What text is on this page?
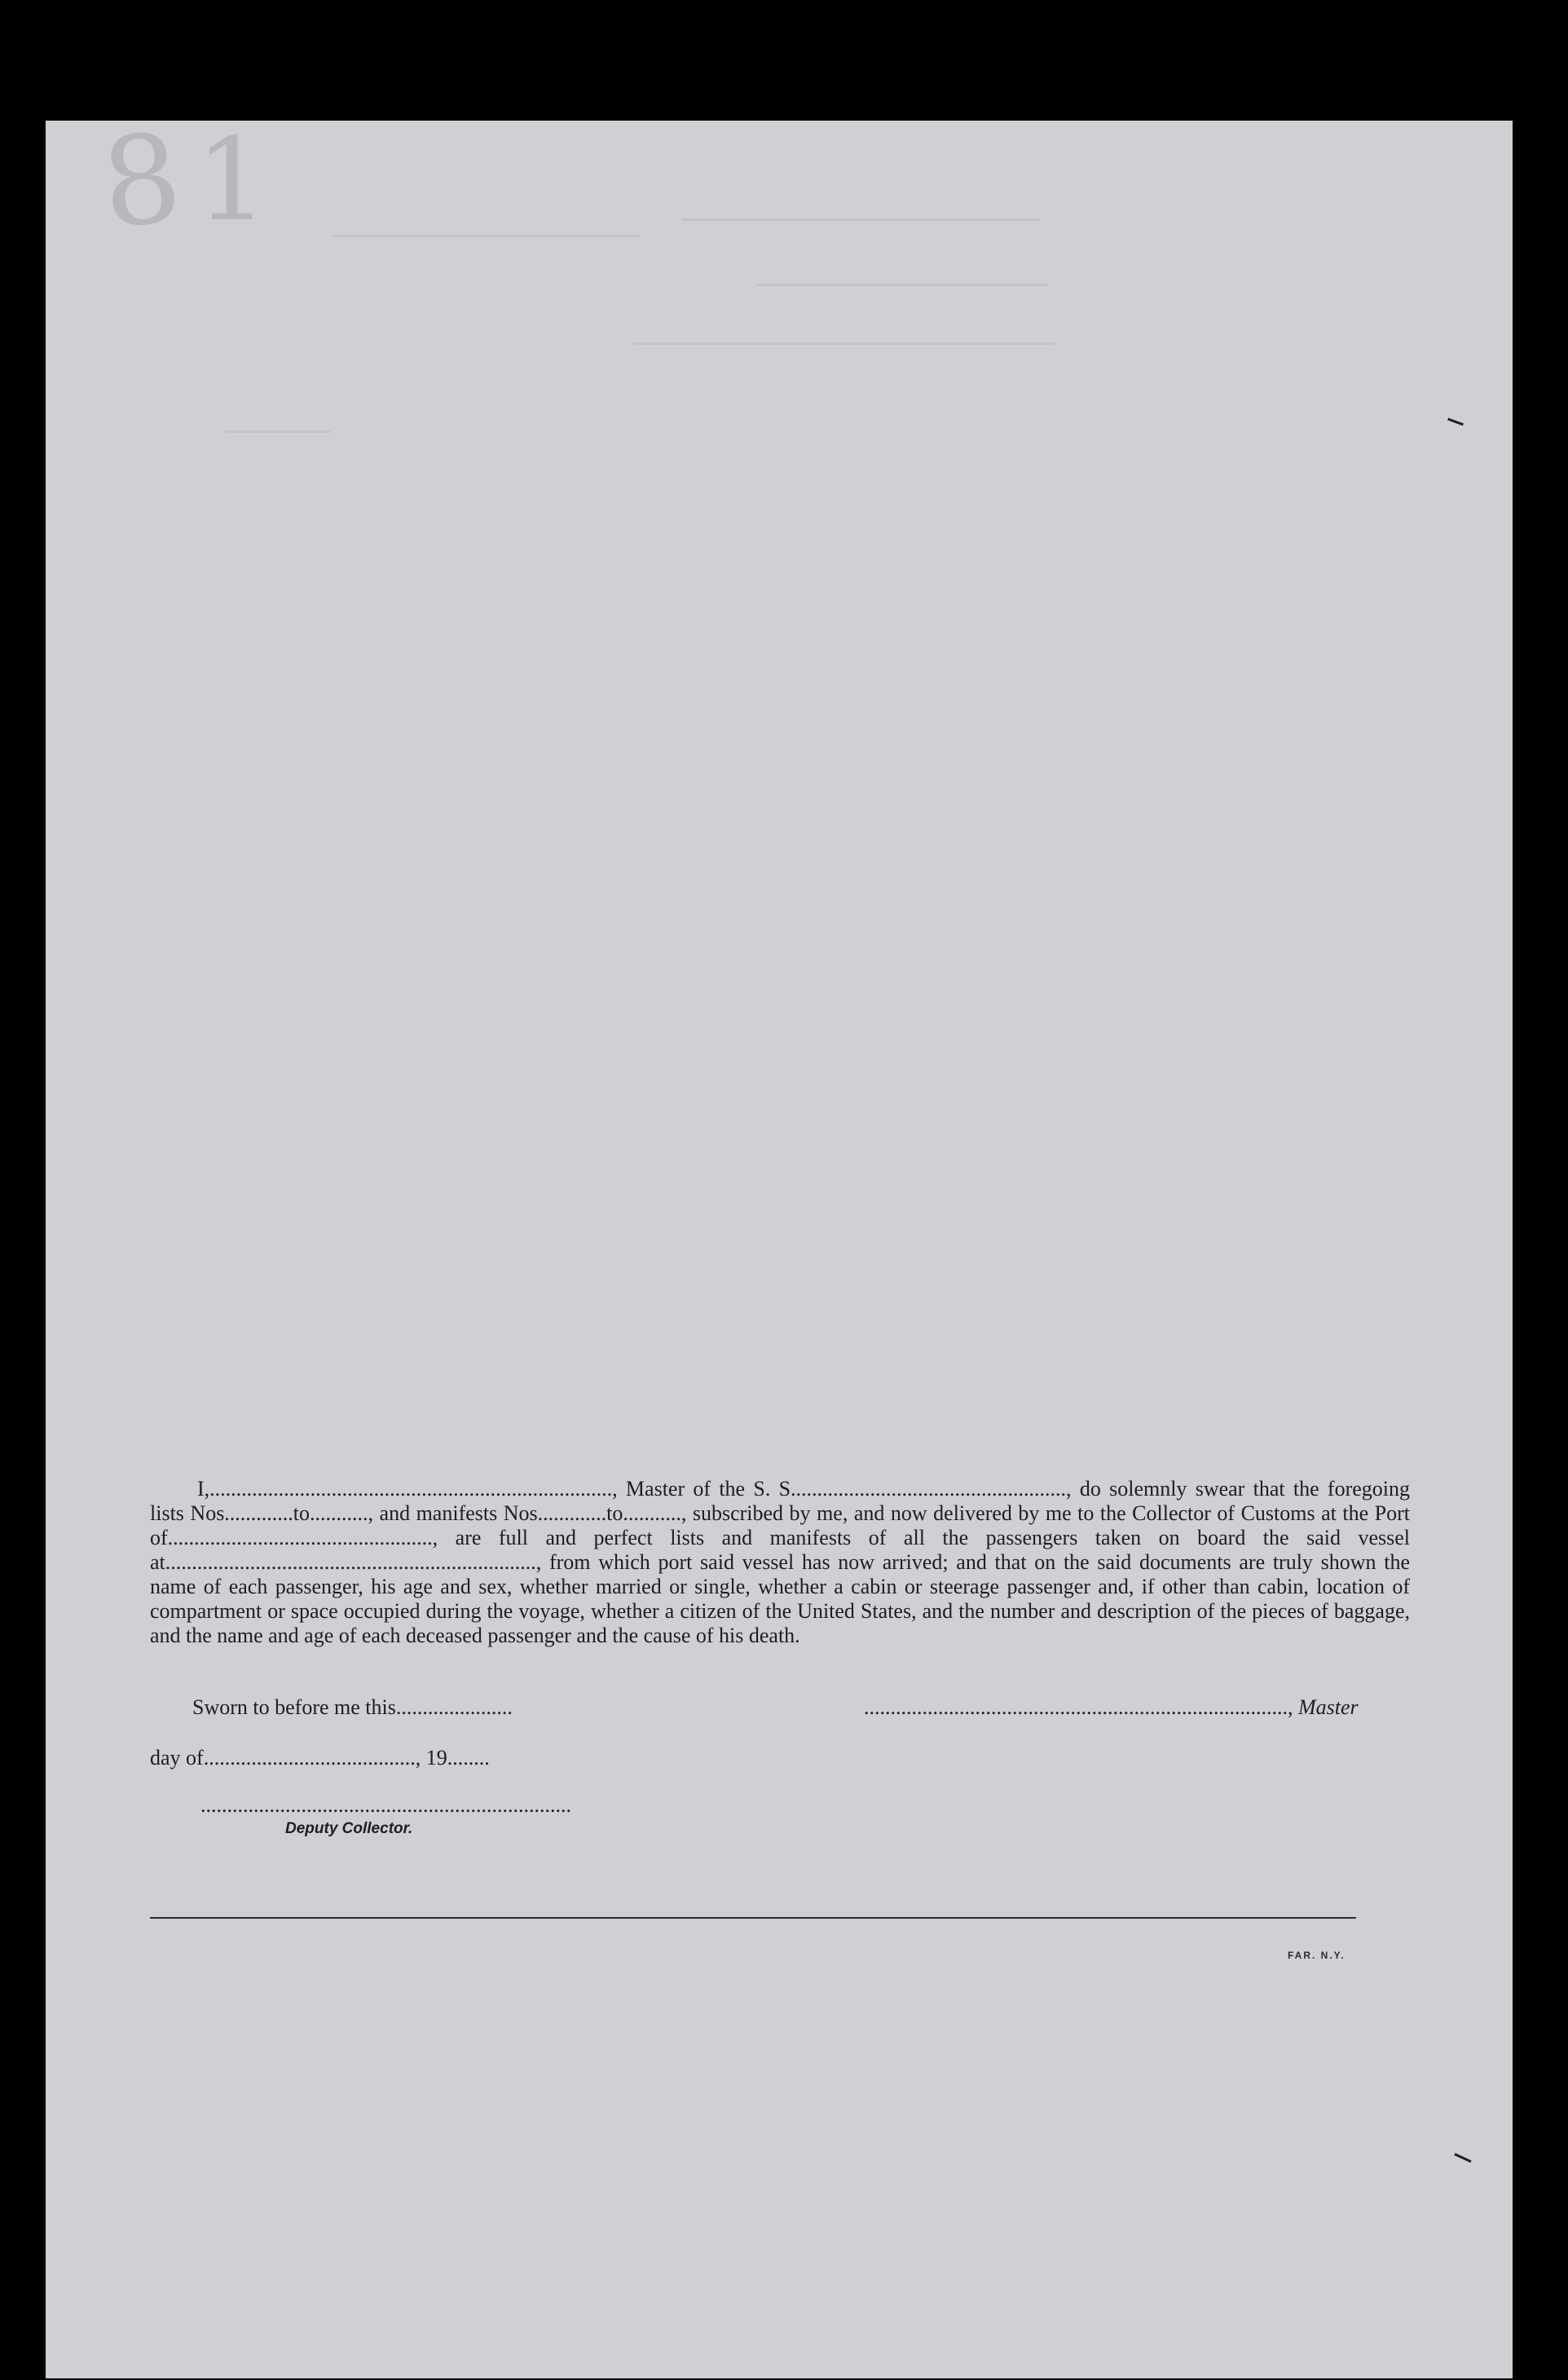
8 1

I,............................................................................, Master of the S. S...................................................., do solemnly swear that the foregoing lists Nos.............to..........., and manifests Nos.............to..........., subscribed by me, and now delivered by me to the Collector of Customs at the Port of.................................................., are full and perfect lists and manifests of all the passengers taken on board the said vessel at......................................................................, from which port said vessel has now arrived; and that on the said documents are truly shown the name of each passenger, his age and sex, whether married or single, whether a cabin or steerage passenger and, if other than cabin, location of compartment or space occupied during the voyage, whether a citizen of the United States, and the number and description of the pieces of baggage, and the name and age of each deceased passenger and the cause of his death.

Sworn to before me this......................	................................................................................, Master
day of........................................, 19........
......................................................................
Deputy Collector.
FAR. N.Y.
